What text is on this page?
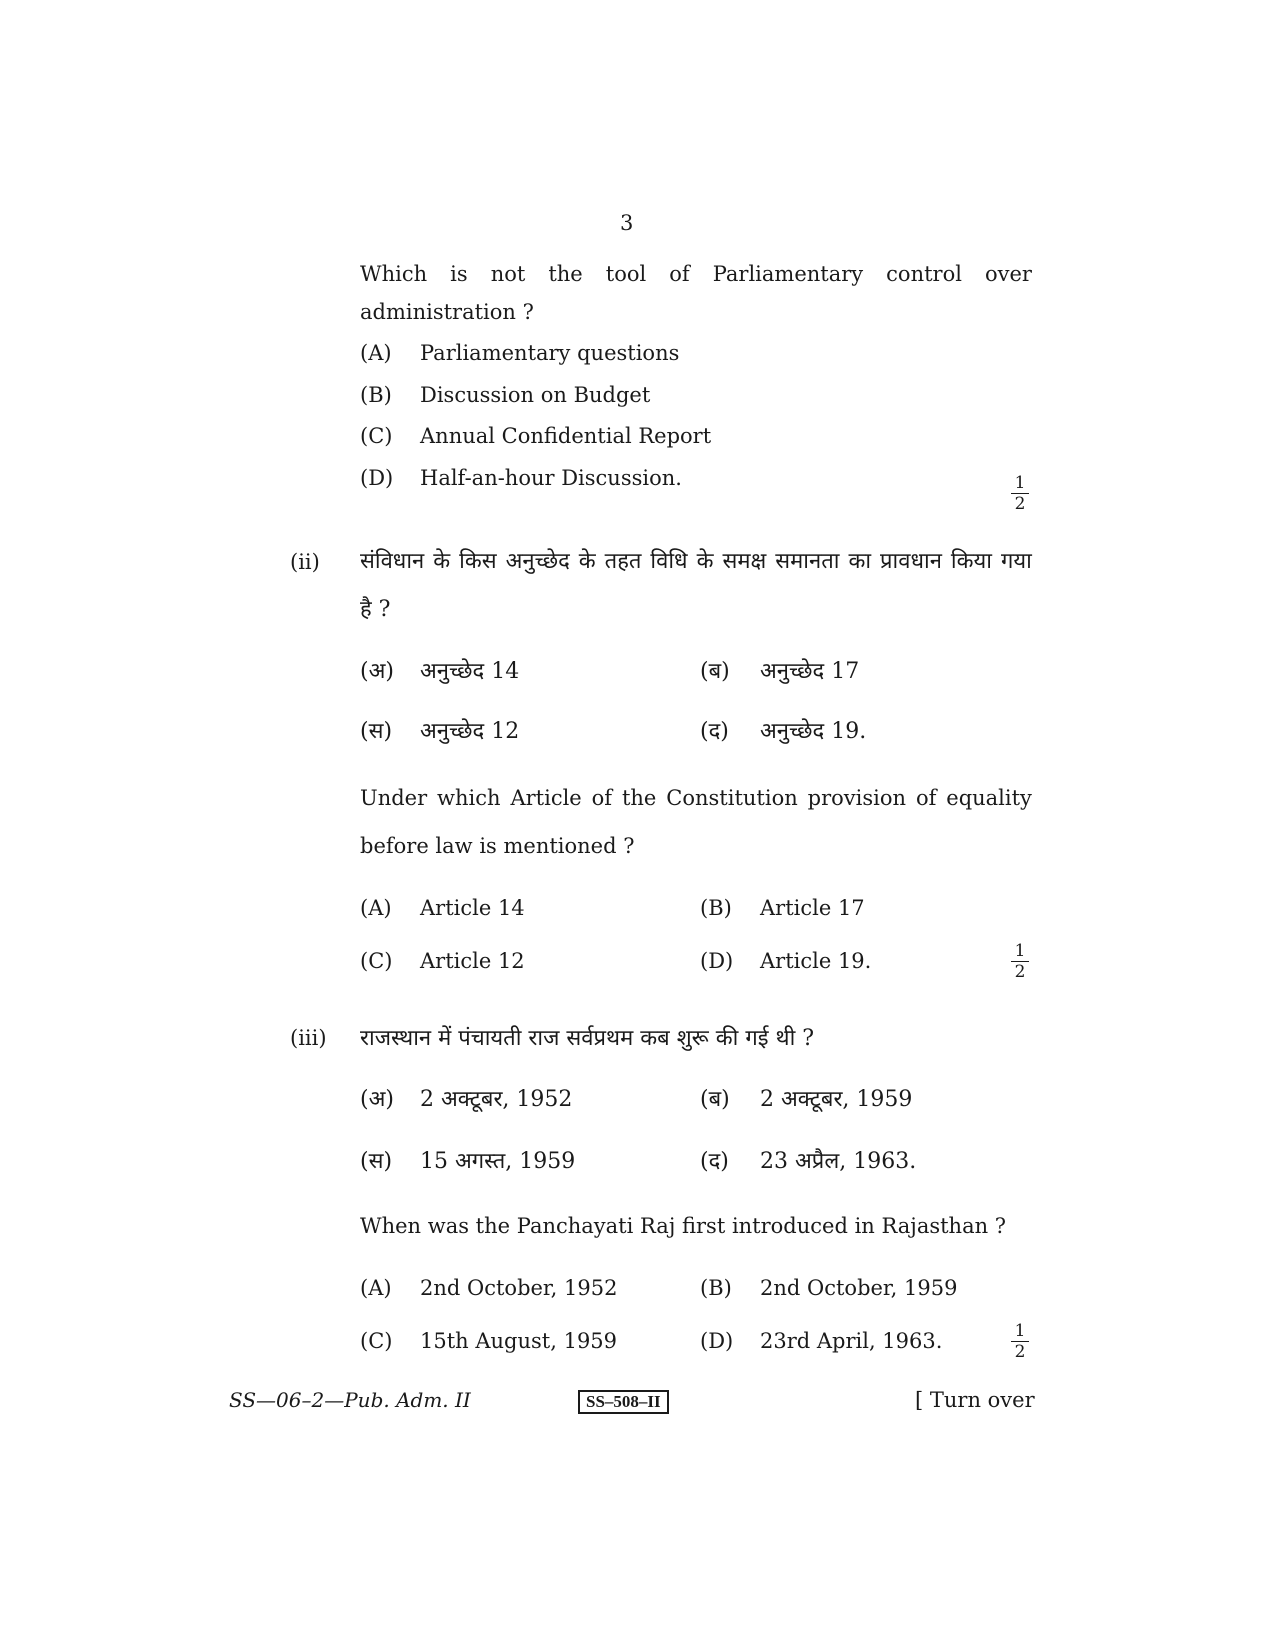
3
Which is not the tool of Parliamentary control over
administration ?
(A) Parliamentary questions
(B) Discussion on Budget
(C) Annual Confidential Report
(D) Half-an-hour Discussion.	$\frac{1}{2}$
(ii) संविधान के किस अनुच्छेद के तहत विधि के समक्ष समानता का प्रावधान किया गया
है ?
(अ) अनुच्छेद 14	(ब) अनुच्छेद 17
(स) अनुच्छेद 12	(द) अनुच्छेद 19.
Under which Article of the Constitution provision of equality
before law is mentioned ?
(A) Article 14	(B) Article 17
(C) Article 12	(D) Article 19.	$\frac{1}{2}$
(iii) राजस्थान में पंचायती राज सर्वप्रथम कब शुरू की गई थी ?
(अ) 2 अक्टूबर, 1952	(ब) 2 अक्टूबर, 1959
(स) 15 अगस्त, 1959	(द) 23 अप्रैल, 1963.
When was the Panchayati Raj first introduced in Rajasthan ?
(A) 2nd October, 1952	(B) 2nd October, 1959
(C) 15th August, 1959	(D) 23rd April, 1963.	$\frac{1}{2}$
SS—06–2—Pub. Adm. II	SS–508–II	[ Turn over
